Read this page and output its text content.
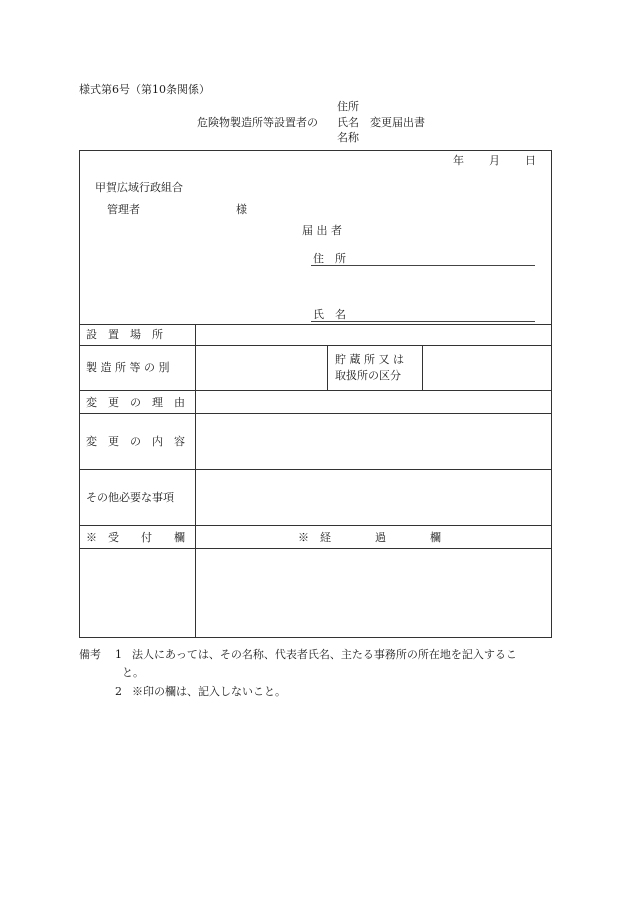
様式第6号（第10条関係）
危険物製造所等設置者の
住所
氏名
名称
変更届出書
年 月 日
甲賀広域行政組合
管理者	様
届 出 者
住　所
氏　名
設　置　場　所
製 造 所 等 の 別
貯 蔵 所 又 は
取扱所の区分
変　更　の　理　由
変　更　の　内　容
その他必要な事項
※　受　　付　　欄	※　経　　　　過　　　　欄
備考 1 法人にあっては、その名称、代表者氏名、主たる事務所の所在地を記入するこ
と。
2 ※印の欄は、記入しないこと。
